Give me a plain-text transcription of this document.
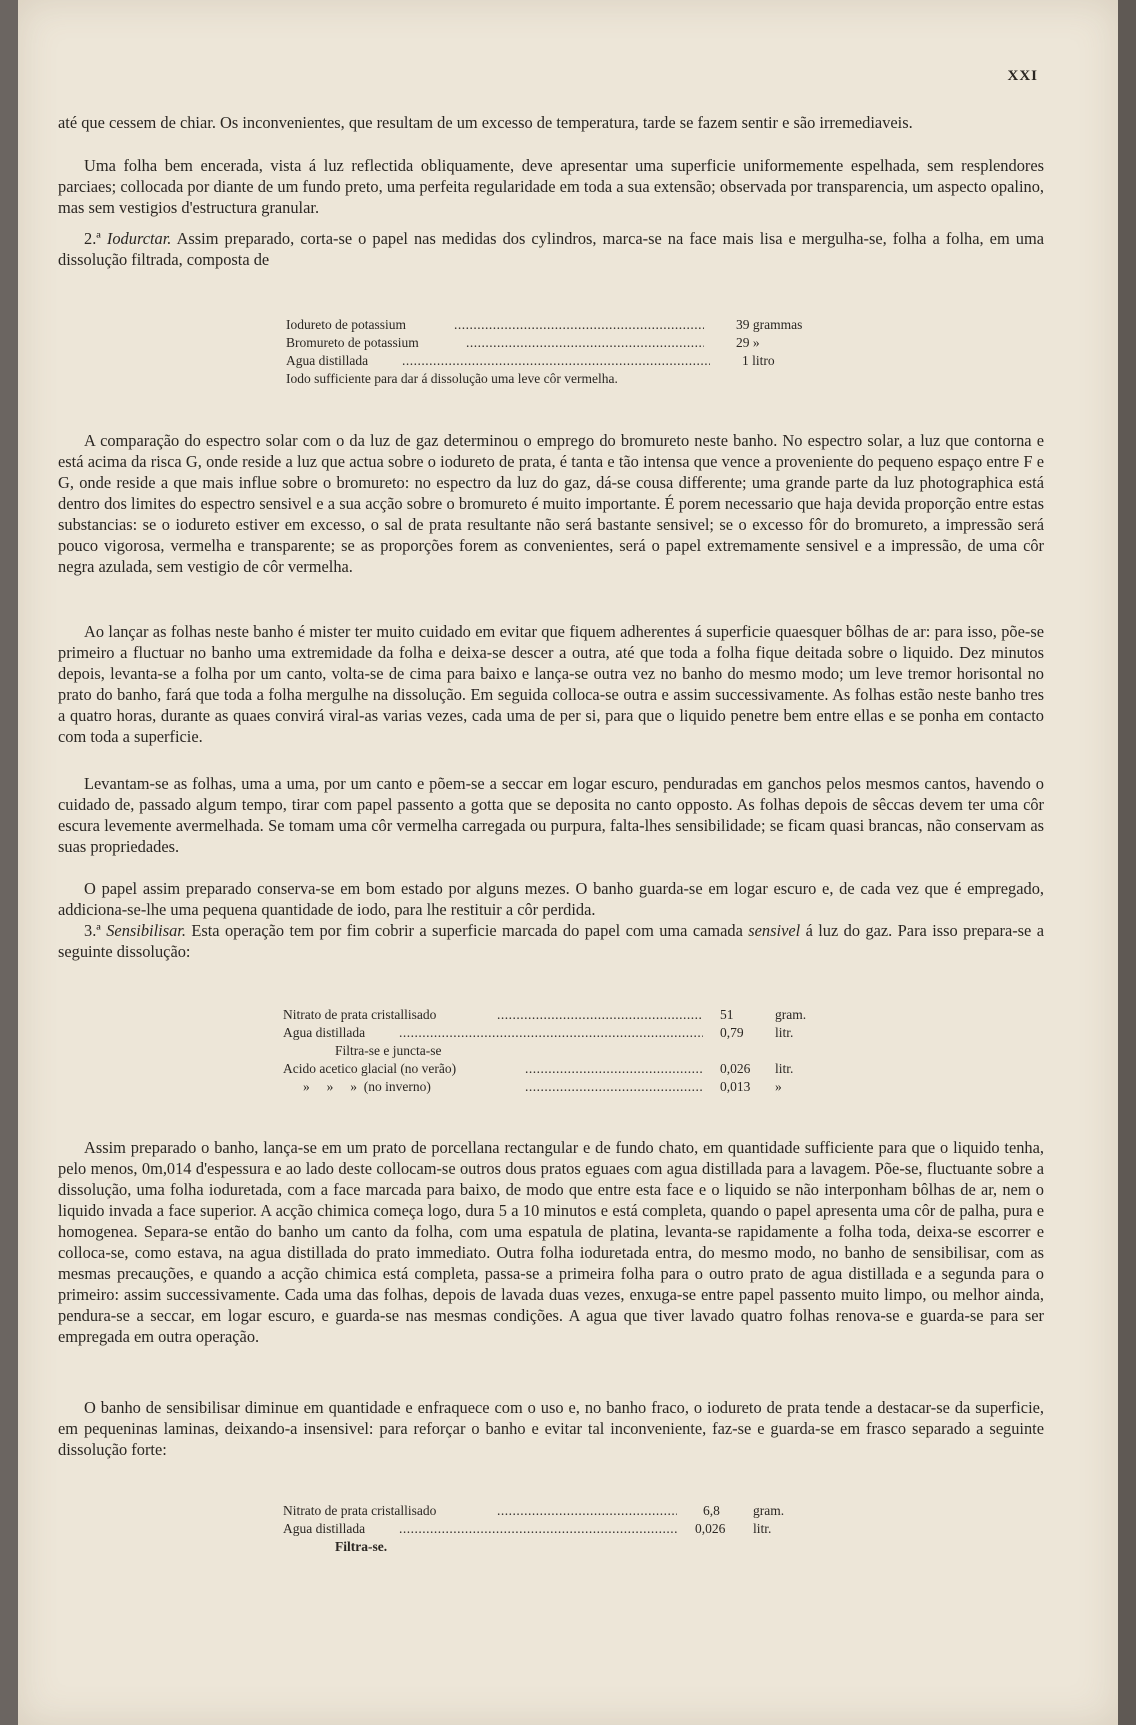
XXI

até que cessem de chiar. Os inconvenientes, que resultam de um excesso de temperatura, tarde se fazem sentir e são irremediaveis.

Uma folha bem encerada, vista á luz reflectida obliquamente, deve apresentar uma superficie uniformemente espelhada, sem resplendores parciaes; collocada por diante de um fundo preto, uma perfeita regularidade em toda a sua extensão; observada por transparencia, um aspecto opalino, mas sem vestigios d'estructura granular.

2.ª Iodurctar. Assim preparado, corta-se o papel nas medidas dos cylindros, marca-se na face mais lisa e mergulha-se, folha a folha, em uma dissolução filtrada, composta de

Iodureto de potassium .....	39 grammas
Bromureto de potassium .....	29 »
Agua distillada .....	1 litro
Iodo sufficiente para dar á dissolução uma leve côr vermelha.

A comparação do espectro solar com o da luz de gaz determinou o emprego do bromureto neste banho. No espectro solar, a luz que contorna e está acima da risca G, onde reside a luz que actua sobre o iodureto de prata, é tanta e tão intensa que vence a proveniente do pequeno espaço entre F e G, onde reside a que mais influe sobre o bromureto: no espectro da luz do gaz, dá-se cousa differente; uma grande parte da luz photographica está dentro dos limites do espectro sensivel e a sua acção sobre o bromureto é muito importante. É porem necessario que haja devida proporção entre estas substancias: se o iodureto estiver em excesso, o sal de prata resultante não será bastante sensivel; se o excesso fôr do bromureto, a impressão será pouco vigorosa, vermelha e transparente; se as proporções forem as convenientes, será o papel extremamente sensivel e a impressão, de uma côr negra azulada, sem vestigio de côr vermelha.

Ao lançar as folhas neste banho é mister ter muito cuidado em evitar que fiquem adherentes á superficie quaesquer bôlhas de ar: para isso, põe-se primeiro a fluctuar no banho uma extremidade da folha e deixa-se descer a outra, até que toda a folha fique deitada sobre o liquido. Dez minutos depois, levanta-se a folha por um canto, volta-se de cima para baixo e lança-se outra vez no banho do mesmo modo; um leve tremor horisontal no prato do banho, fará que toda a folha mergulhe na dissolução. Em seguida colloca-se outra e assim successivamente. As folhas estão neste banho tres a quatro horas, durante as quaes convirá viral-as varias vezes, cada uma de per si, para que o liquido penetre bem entre ellas e se ponha em contacto com toda a superficie.

Levantam-se as folhas, uma a uma, por um canto e põem-se a seccar em logar escuro, penduradas em ganchos pelos mesmos cantos, havendo o cuidado de, passado algum tempo, tirar com papel passento a gotta que se deposita no canto opposto. As folhas depois de sêccas devem ter uma côr escura levemente avermelhada. Se tomam uma côr vermelha carregada ou purpura, falta-lhes sensibilidade; se ficam quasi brancas, não conservam as suas propriedades.

O papel assim preparado conserva-se em bom estado por alguns mezes. O banho guarda-se em logar escuro e, de cada vez que é empregado, addiciona-se-lhe uma pequena quantidade de iodo, para lhe restituir a côr perdida.

3.ª Sensibilisar. Esta operação tem por fim cobrir a superficie marcada do papel com uma camada sensivel á luz do gaz. Para isso prepara-se a seguinte dissolução:

Nitrato de prata cristallisado .....	51	gram.
Agua distillada .....	0,79 litr.
Filtra-se e juncta-se
Acido acetico glacial (no verão) .....	0,026 litr.
»     »     »  (no inverno) .....	0,013 »

Assim preparado o banho, lança-se em um prato de porcellana rectangular e de fundo chato, em quantidade sufficiente para que o liquido tenha, pelo menos, 0m,014 d'espessura e ao lado deste collocam-se outros dous pratos eguaes com agua distillada para a lavagem. Põe-se, fluctuante sobre a dissolução, uma folha ioduretada, com a face marcada para baixo, de modo que entre esta face e o liquido se não interponham bôlhas de ar, nem o liquido invada a face superior. A acção chimica começa logo, dura 5 a 10 minutos e está completa, quando o papel apresenta uma côr de palha, pura e homogenea. Separa-se então do banho um canto da folha, com uma espatula de platina, levanta-se rapidamente a folha toda, deixa-se escorrer e colloca-se, como estava, na agua distillada do prato immediato. Outra folha ioduretada entra, do mesmo modo, no banho de sensibilisar, com as mesmas precauções, e quando a acção chimica está completa, passa-se a primeira folha para o outro prato de agua distillada e a segunda para o primeiro: assim successivamente. Cada uma das folhas, depois de lavada duas vezes, enxuga-se entre papel passento muito limpo, ou melhor ainda, pendura-se a seccar, em logar escuro, e guarda-se nas mesmas condições. A agua que tiver lavado quatro folhas renova-se e guarda-se para ser empregada em outra operação.

O banho de sensibilisar diminue em quantidade e enfraquece com o uso e, no banho fraco, o iodureto de prata tende a destacar-se da superficie, em pequeninas laminas, deixando-a insensivel: para reforçar o banho e evitar tal inconveniente, faz-se e guarda-se em frasco separado a seguinte dissolução forte:

Nitrato de prata cristallisado .....	6,8 gram.
Agua distillada .....	0,026 litr.
Filtra-se.
